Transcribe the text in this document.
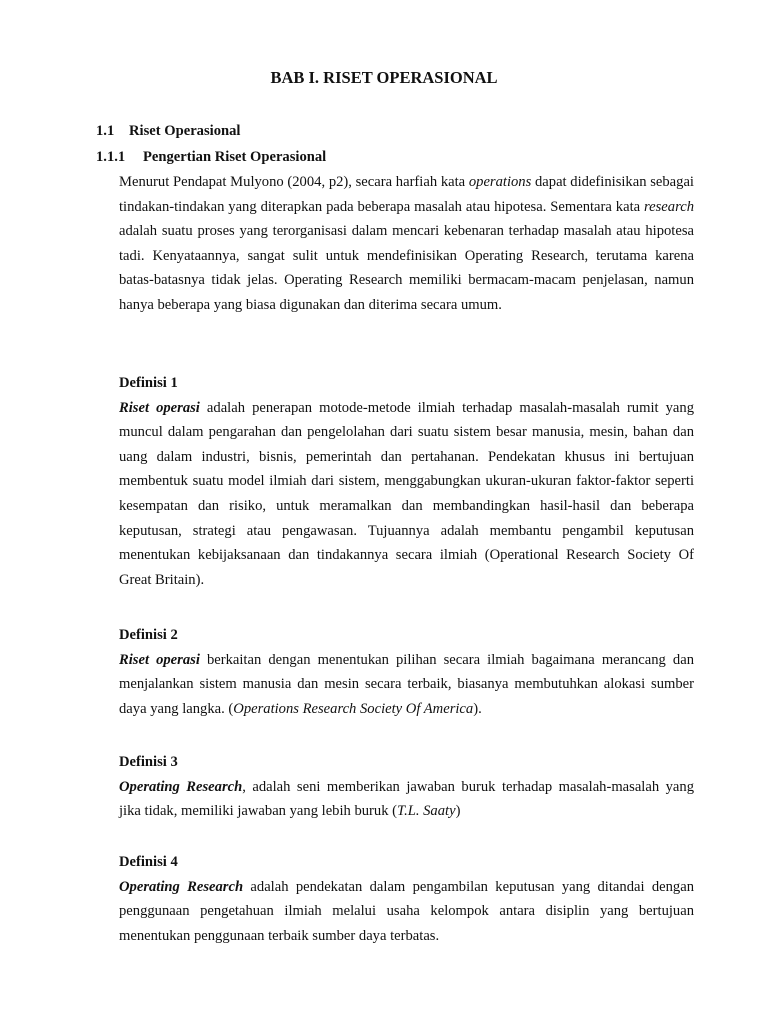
BAB I. RISET OPERASIONAL
1.1 Riset Operasional
1.1.1 Pengertian Riset Operasional

Menurut Pendapat Mulyono (2004, p2), secara harfiah kata operations dapat didefinisikan sebagai tindakan-tindakan yang diterapkan pada beberapa masalah atau hipotesa. Sementara kata research adalah suatu proses yang terorganisasi dalam mencari kebenaran terhadap masalah atau hipotesa tadi. Kenyataannya, sangat sulit untuk mendefinisikan Operating Research, terutama karena batas-batasnya tidak jelas. Operating Research memiliki bermacam-macam penjelasan, namun hanya beberapa yang biasa digunakan dan diterima secara umum.

Definisi 1

Riset operasi adalah penerapan motode-metode ilmiah terhadap masalah-masalah rumit yang muncul dalam pengarahan dan pengelolahan dari suatu sistem besar manusia, mesin, bahan dan uang dalam industri, bisnis, pemerintah dan pertahanan. Pendekatan khusus ini bertujuan membentuk suatu model ilmiah dari sistem, menggabungkan ukuran-ukuran faktor-faktor seperti kesempatan dan risiko, untuk meramalkan dan membandingkan hasil-hasil dan beberapa keputusan, strategi atau pengawasan. Tujuannya adalah membantu pengambil keputusan menentukan kebijaksanaan dan tindakannya secara ilmiah (Operational Research Society Of Great Britain).

Definisi 2

Riset operasi berkaitan dengan menentukan pilihan secara ilmiah bagaimana merancang dan menjalankan sistem manusia dan mesin secara terbaik, biasanya membutuhkan alokasi sumber daya yang langka. (Operations Research Society Of America).

Definisi 3

Operating Research, adalah seni memberikan jawaban buruk terhadap masalah-masalah yang jika tidak, memiliki jawaban yang lebih buruk (T.L. Saaty)

Definisi 4

Operating Research adalah pendekatan dalam pengambilan keputusan yang ditandai dengan penggunaan pengetahuan ilmiah melalui usaha kelompok antara disiplin yang bertujuan menentukan penggunaan terbaik sumber daya terbatas.
